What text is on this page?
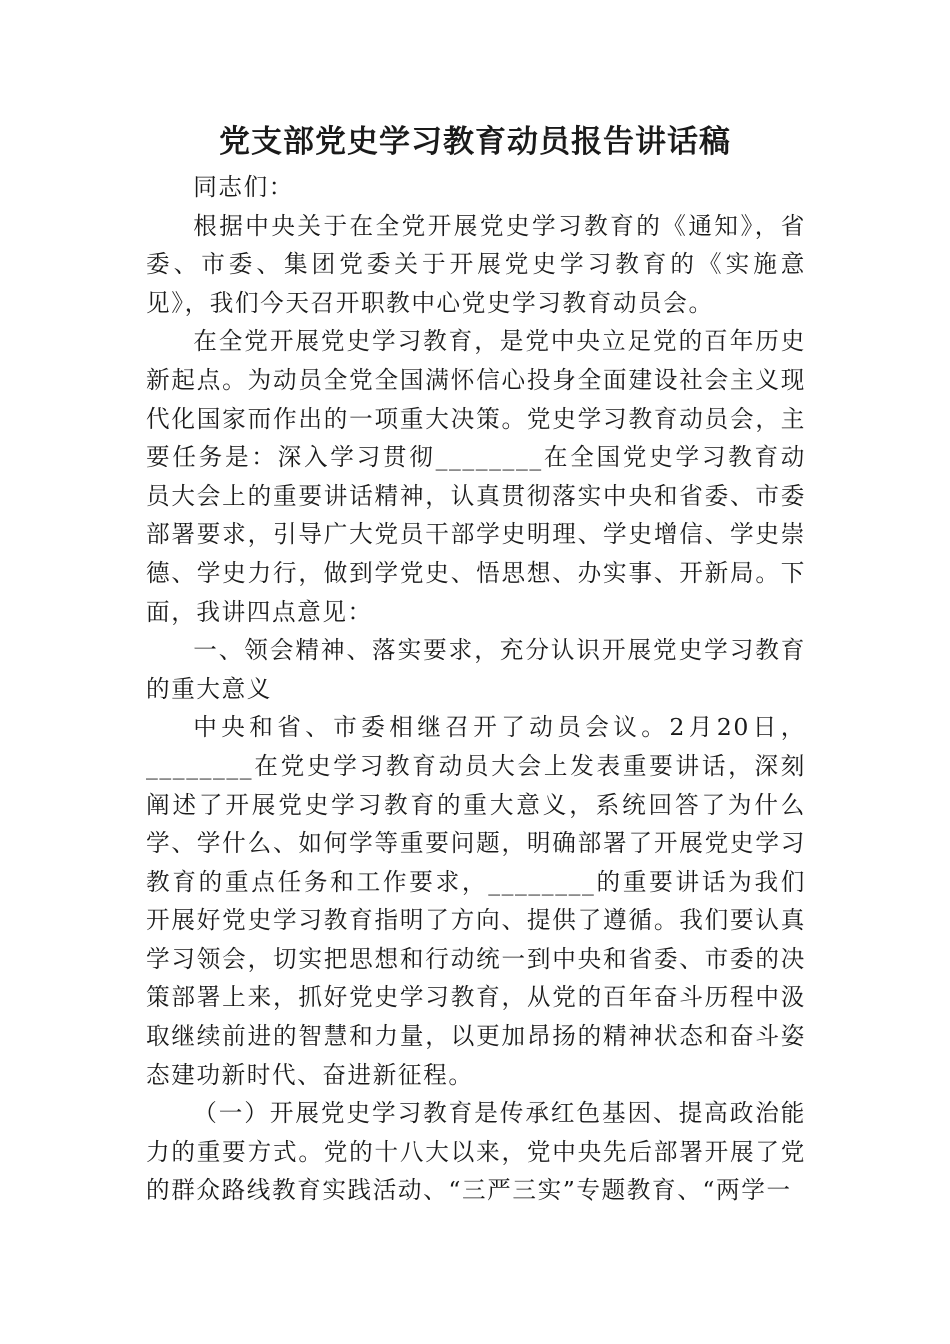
党支部党史学习教育动员报告讲话稿

同志们：

根据中央关于在全党开展党史学习教育的《通知》，省委、市委、集团党委关于开展党史学习教育的《实施意见》，我们今天召开职教中心党史学习教育动员会。

在全党开展党史学习教育，是党中央立足党的百年历史新起点。为动员全党全国满怀信心投身全面建设社会主义现代化国家而作出的一项重大决策。党史学习教育动员会，主要任务是：深入学习贯彻________在全国党史学习教育动员大会上的重要讲话精神，认真贯彻落实中央和省委、市委部署要求，引导广大党员干部学史明理、学史增信、学史崇德、学史力行，做到学党史、悟思想、办实事、开新局。下面，我讲四点意见：

一、领会精神、落实要求，充分认识开展党史学习教育的重大意义

中央和省、市委相继召开了动员会议。2月20日，________在党史学习教育动员大会上发表重要讲话，深刻阐述了开展党史学习教育的重大意义，系统回答了为什么学、学什么、如何学等重要问题，明确部署了开展党史学习教育的重点任务和工作要求，________的重要讲话为我们开展好党史学习教育指明了方向、提供了遵循。我们要认真学习领会，切实把思想和行动统一到中央和省委、市委的决策部署上来，抓好党史学习教育，从党的百年奋斗历程中汲取继续前进的智慧和力量，以更加昂扬的精神状态和奋斗姿态建功新时代、奋进新征程。

（一）开展党史学习教育是传承红色基因、提高政治能力的重要方式。党的十八大以来，党中央先后部署开展了党的群众路线教育实践活动、“三严三实”专题教育、“两学一
